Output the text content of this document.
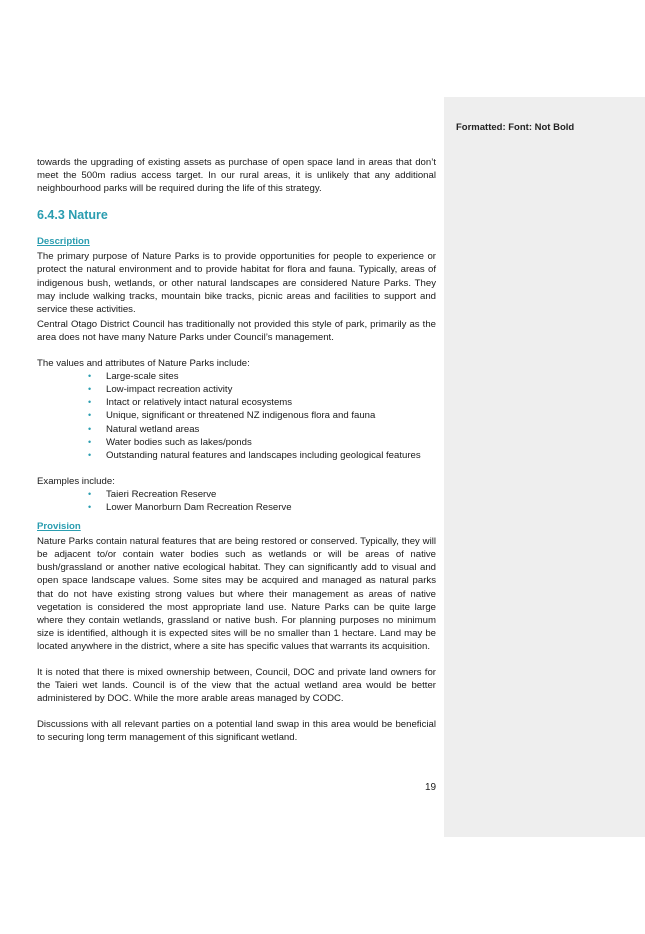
Formatted: Font: Not Bold

towards the upgrading of existing assets as purchase of open space land in areas that don’t meet the 500m radius access target. In our rural areas, it is unlikely that any additional neighbourhood parks will be required during the life of this strategy.

6.4.3 Nature
Description

The primary purpose of Nature Parks is to provide opportunities for people to experience or protect the natural environment and to provide habitat for flora and fauna. Typically, areas of indigenous bush, wetlands, or other natural landscapes are considered Nature Parks. They may include walking tracks, mountain bike tracks, picnic areas and facilities to support and service these activities.

Central Otago District Council has traditionally not provided this style of park, primarily as the area does not have many Nature Parks under Council’s management.

The values and attributes of Nature Parks include:

• Large-scale sites
• Low-impact recreation activity
• Intact or relatively intact natural ecosystems
• Unique, significant or threatened NZ indigenous flora and fauna
• Natural wetland areas
• Water bodies such as lakes/ponds
• Outstanding natural features and landscapes including geological features

Examples include:

• Taieri Recreation Reserve
• Lower Manorburn Dam Recreation Reserve
Provision

Nature Parks contain natural features that are being restored or conserved. Typically, they will be adjacent to/or contain water bodies such as wetlands or will be areas of native bush/grassland or another native ecological habitat. They can significantly add to visual and open space landscape values. Some sites may be acquired and managed as natural parks that do not have existing strong values but where their management as areas of native vegetation is considered the most appropriate land use. Nature Parks can be quite large where they contain wetlands, grassland or native bush. For planning purposes no minimum size is identified, although it is expected sites will be no smaller than 1 hectare. Land may be located anywhere in the district, where a site has specific values that warrants its acquisition.

It is noted that there is mixed ownership between, Council, DOC and private land owners for the Taieri wet lands. Council is of the view that the actual wetland area would be better administered by DOC. While the more arable areas managed by CODC.

Discussions with all relevant parties on a potential land swap in this area would be beneficial to securing long term management of this significant wetland.

19
